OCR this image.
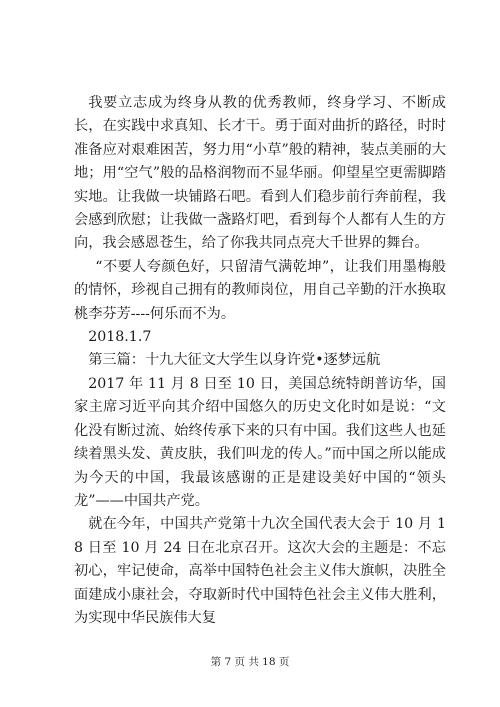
我要立志成为终身从教的优秀教师，终身学习、不断成长，在实践中求真知、长才干。勇于面对曲折的路径，时时准备应对艰难困苦，努力用“小草”般的精神，装点美丽的大地；用“空气”般的品格润物而不显华丽。仰望星空更需脚踏实地。让我做一块铺路石吧。看到人们稳步前行奔前程，我会感到欣慰；让我做一盏路灯吧，看到每个人都有人生的方向，我会感恩苍生，给了你我共同点亮大千世界的舞台。

“不要人夸颜色好，只留清气满乾坤”，让我们用墨梅般的情怀，珍视自己拥有的教师岗位，用自己辛勤的汗水换取桃李芬芳----何乐而不为。

2018.1.7

第三篇：十九大征文大学生以身许党•逐梦远航

2017 年 11 月 8 日至 10 日，美国总统特朗普访华，国家主席习近平向其介绍中国悠久的历史文化时如是说：“文化没有断过流、始终传承下来的只有中国。我们这些人也延续着黑头发、黄皮肤，我们叫龙的传人。”而中国之所以能成为今天的中国，我最该感谢的正是建设美好中国的“领头龙”——中国共产党。

就在今年，中国共产党第十九次全国代表大会于 10 月 18 日至 10 月 24 日在北京召开。这次大会的主题是：不忘初心，牢记使命，高举中国特色社会主义伟大旗帜，决胜全面建成小康社会，夺取新时代中国特色社会主义伟大胜利，为实现中华民族伟大复

第 7 页 共 18 页
